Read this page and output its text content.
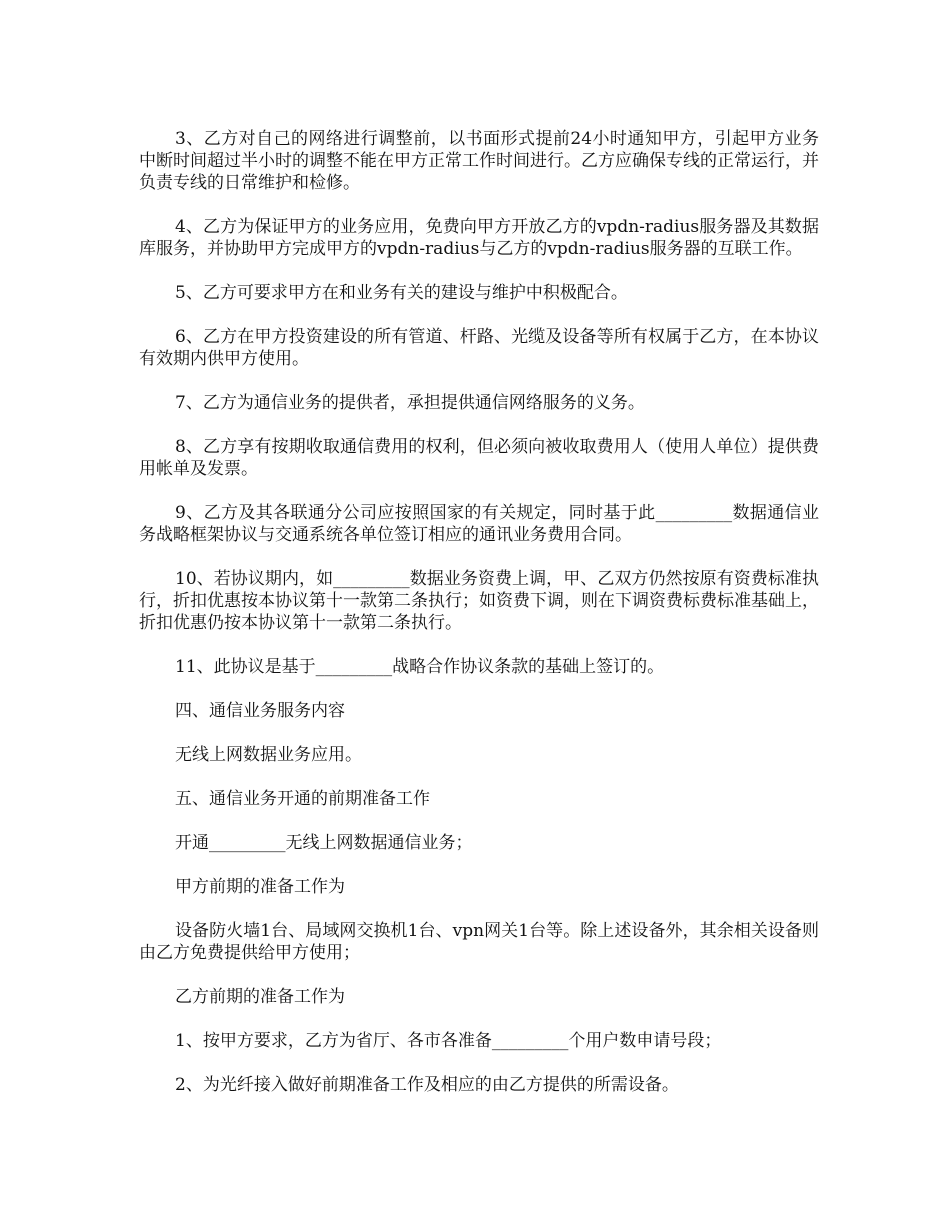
3、乙方对自己的网络进行调整前，以书面形式提前24小时通知甲方，引起甲方业务中断时间超过半小时的调整不能在甲方正常工作时间进行。乙方应确保专线的正常运行，并负责专线的日常维护和检修。

4、乙方为保证甲方的业务应用，免费向甲方开放乙方的vpdn-radius服务器及其数据库服务，并协助甲方完成甲方的vpdn-radius与乙方的vpdn-radius服务器的互联工作。

5、乙方可要求甲方在和业务有关的建设与维护中积极配合。

6、乙方在甲方投资建设的所有管道、杆路、光缆及设备等所有权属于乙方，在本协议有效期内供甲方使用。

7、乙方为通信业务的提供者，承担提供通信网络服务的义务。

8、乙方享有按期收取通信费用的权利，但必须向被收取费用人（使用人单位）提供费用帐单及发票。

9、乙方及其各联通分公司应按照国家的有关规定，同时基于此_________数据通信业务战略框架协议与交通系统各单位签订相应的通讯业务费用合同。

10、若协议期内，如_________数据业务资费上调，甲、乙双方仍然按原有资费标准执行，折扣优惠按本协议第十一款第二条执行；如资费下调，则在下调资费标费标准基础上，折扣优惠仍按本协议第十一款第二条执行。

11、此协议是基于_________战略合作协议条款的基础上签订的。

四、通信业务服务内容

无线上网数据业务应用。

五、通信业务开通的前期准备工作

开通_________无线上网数据通信业务；

甲方前期的准备工作为

设备防火墙1台、局域网交换机1台、vpn网关1台等。除上述设备外，其余相关设备则由乙方免费提供给甲方使用；

乙方前期的准备工作为

1、按甲方要求，乙方为省厅、各市各准备_________个用户数申请号段；

2、为光纤接入做好前期准备工作及相应的由乙方提供的所需设备。
